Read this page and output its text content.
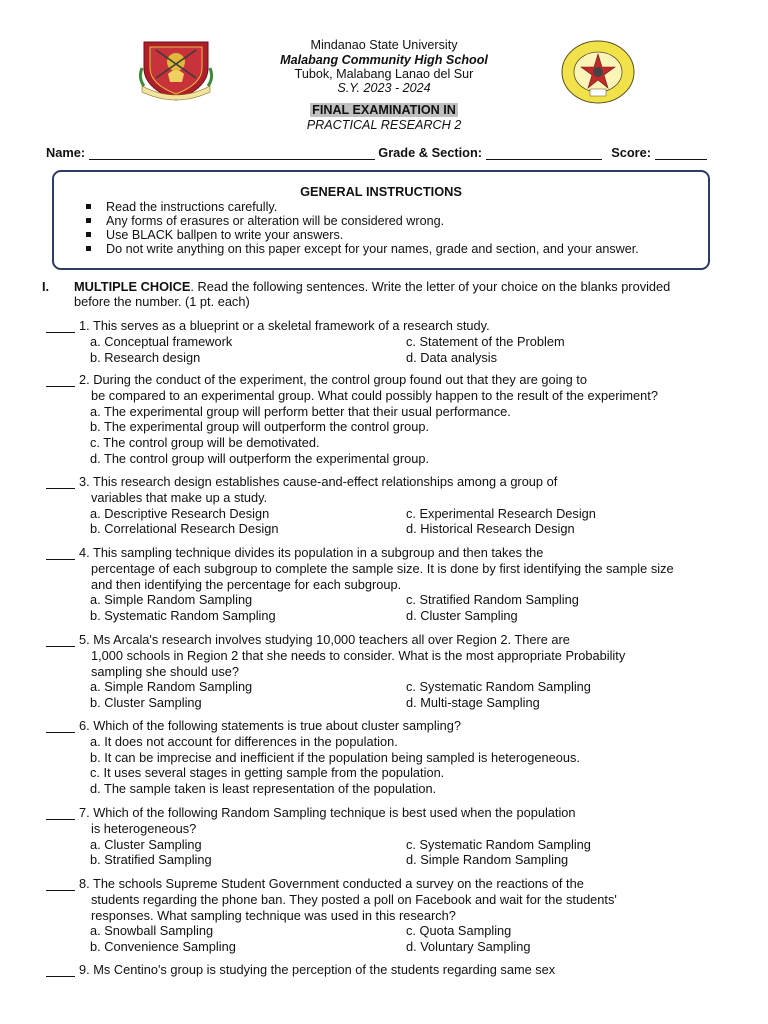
Mindanao State University
Malabang Community High School
Tubok, Malabang Lanao del Sur
S.Y. 2023 - 2024
FINAL EXAMINATION IN
PRACTICAL RESEARCH 2
Name:	Grade & Section:	Score:
GENERAL INSTRUCTIONS
Read the instructions carefully.
Any forms of erasures or alteration will be considered wrong.
Use BLACK ballpen to write your answers.
Do not write anything on this paper except for your names, grade and section, and your answer.
I. MULTIPLE CHOICE. Read the following sentences. Write the letter of your choice on the blanks provided
before the number. (1 pt. each)
1. This serves as a blueprint or a skeletal framework of a research study.
a. Conceptual framework	c. Statement of the Problem
b. Research design	d. Data analysis
2. During the conduct of the experiment, the control group found out that they are going to
be compared to an experimental group. What could possibly happen to the result of the experiment?
a. The experimental group will perform better that their usual performance.
b. The experimental group will outperform the control group.
c. The control group will be demotivated.
d. The control group will outperform the experimental group.
3. This research design establishes cause-and-effect relationships among a group of
variables that make up a study.
a. Descriptive Research Design	c. Experimental Research Design
b. Correlational Research Design	d. Historical Research Design
4. This sampling technique divides its population in a subgroup and then takes the
percentage of each subgroup to complete the sample size. It is done by first identifying the sample size
and then identifying the percentage for each subgroup.
a. Simple Random Sampling	c. Stratified Random Sampling
b. Systematic Random Sampling	d. Cluster Sampling
5. Ms Arcala's research involves studying 10,000 teachers all over Region 2. There are
1,000 schools in Region 2 that she needs to consider. What is the most appropriate Probability
sampling she should use?
a. Simple Random Sampling	c. Systematic Random Sampling
b. Cluster Sampling	d. Multi-stage Sampling
6. Which of the following statements is true about cluster sampling?
a. It does not account for differences in the population.
b. It can be imprecise and inefficient if the population being sampled is heterogeneous.
c. It uses several stages in getting sample from the population.
d. The sample taken is least representation of the population.
7. Which of the following Random Sampling technique is best used when the population
is heterogeneous?
a. Cluster Sampling	c. Systematic Random Sampling
b. Stratified Sampling	d. Simple Random Sampling
8. The schools Supreme Student Government conducted a survey on the reactions of the
students regarding the phone ban. They posted a poll on Facebook and wait for the students'
responses. What sampling technique was used in this research?
a. Snowball Sampling	c. Quota Sampling
b. Convenience Sampling	d. Voluntary Sampling
9. Ms Centino's group is studying the perception of the students regarding same sex
